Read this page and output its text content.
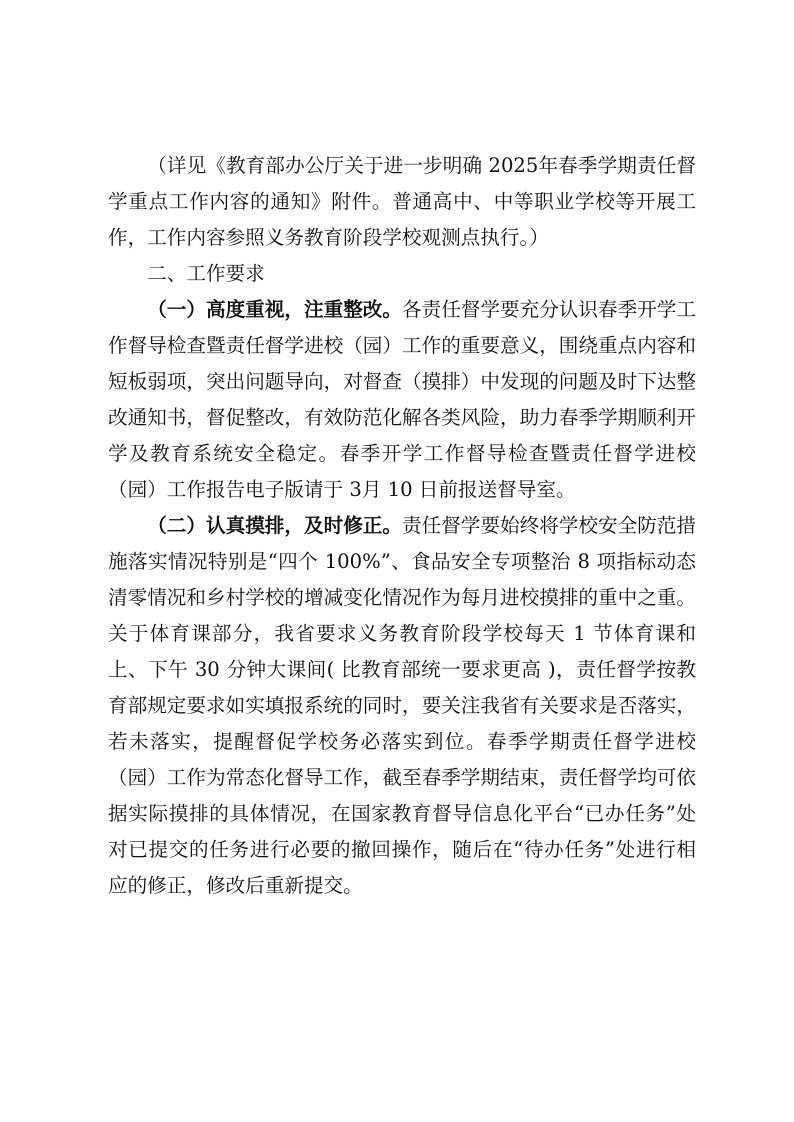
（详见《教育部办公厅关于进一步明确 2025年春季学期责任督学重点工作内容的通知》附件。普通高中、中等职业学校等开展工作，工作内容参照义务教育阶段学校观测点执行。）

二、工作要求

（一）高度重视，注重整改。各责任督学要充分认识春季开学工作督导检查暨责任督学进校（园）工作的重要意义，围绕重点内容和短板弱项，突出问题导向，对督查（摸排）中发现的问题及时下达整改通知书，督促整改，有效防范化解各类风险，助力春季学期顺利开学及教育系统安全稳定。春季开学工作督导检查暨责任督学进校（园）工作报告电子版请于 3月 10 日前报送督导室。

（二）认真摸排，及时修正。责任督学要始终将学校安全防范措施落实情况特别是“四个 100%”、食品安全专项整治 8 项指标动态清零情况和乡村学校的增减变化情况作为每月进校摸排的重中之重。关于体育课部分，我省要求义务教育阶段学校每天 1 节体育课和上、下午 30 分钟大课间( 比教育部统一要求更高 )，责任督学按教育部规定要求如实填报系统的同时，要关注我省有关要求是否落实，若未落实，提醒督促学校务必落实到位。春季学期责任督学进校（园）工作为常态化督导工作，截至春季学期结束，责任督学均可依据实际摸排的具体情况，在国家教育督导信息化平台“已办任务”处对已提交的任务进行必要的撤回操作，随后在“待办任务”处进行相应的修正，修改后重新提交。
